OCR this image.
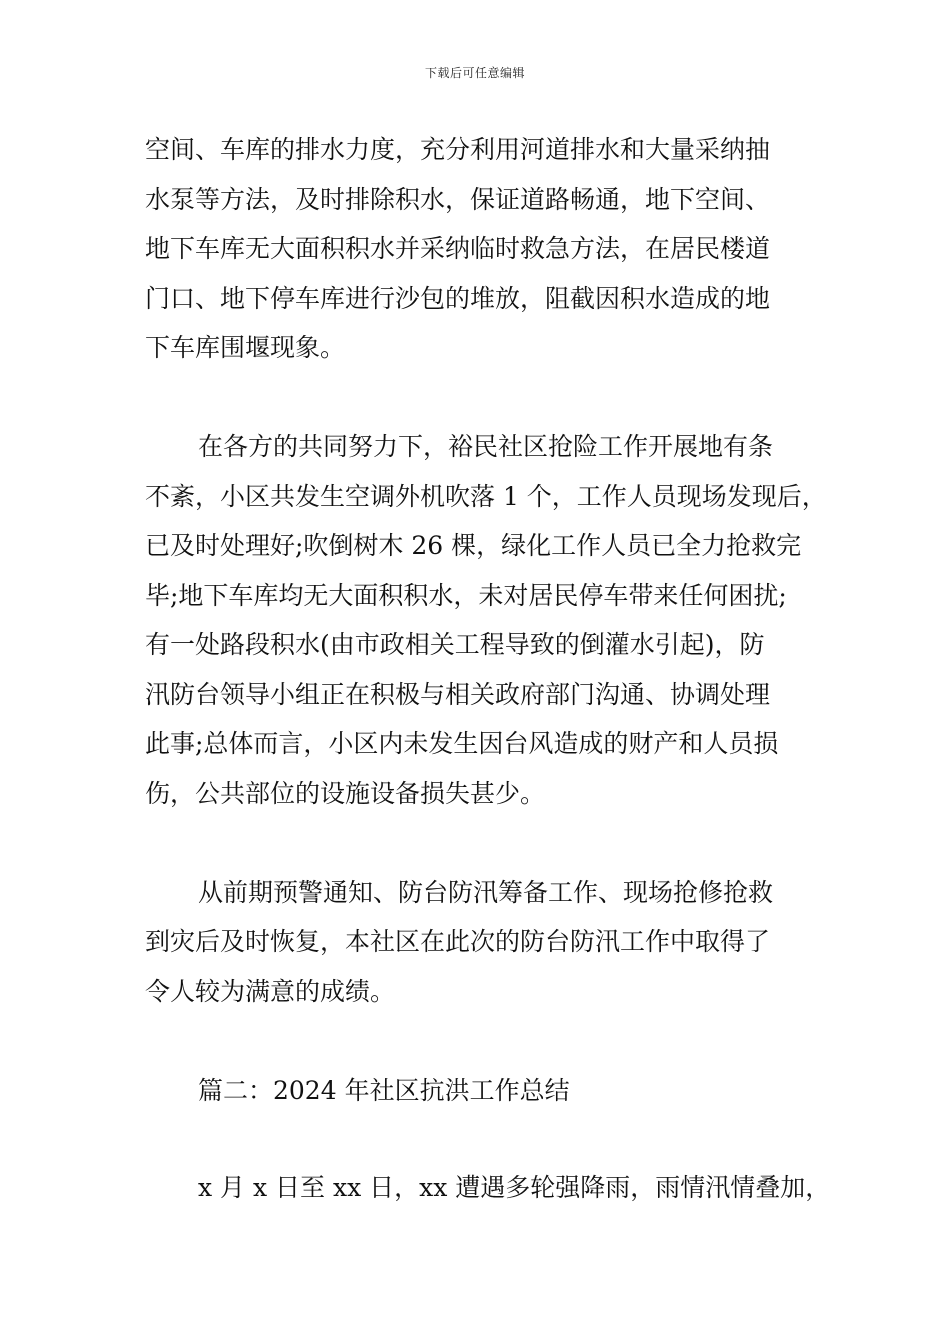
下载后可任意编辑

空间、车库的排水力度，充分利用河道排水和大量采纳抽
水泵等方法，及时排除积水，保证道路畅通，地下空间、
地下车库无大面积积水并采纳临时救急方法，在居民楼道
门口、地下停车库进行沙包的堆放，阻截因积水造成的地
下车库围堰现象。

在各方的共同努力下，裕民社区抢险工作开展地有条
不紊，小区共发生空调外机吹落 1 个，工作人员现场发现后，
已及时处理好;吹倒树木 26 棵，绿化工作人员已全力抢救完
毕;地下车库均无大面积积水，未对居民停车带来任何困扰;
有一处路段积水(由市政相关工程导致的倒灌水引起)，防
汛防台领导小组正在积极与相关政府部门沟通、协调处理
此事;总体而言，小区内未发生因台风造成的财产和人员损
伤，公共部位的设施设备损失甚少。

从前期预警通知、防台防汛筹备工作、现场抢修抢救
到灾后及时恢复，本社区在此次的防台防汛工作中取得了
令人较为满意的成绩。

篇二：2024 年社区抗洪工作总结

x 月 x 日至 xx 日，xx 遭遇多轮强降雨，雨情汛情叠加，
